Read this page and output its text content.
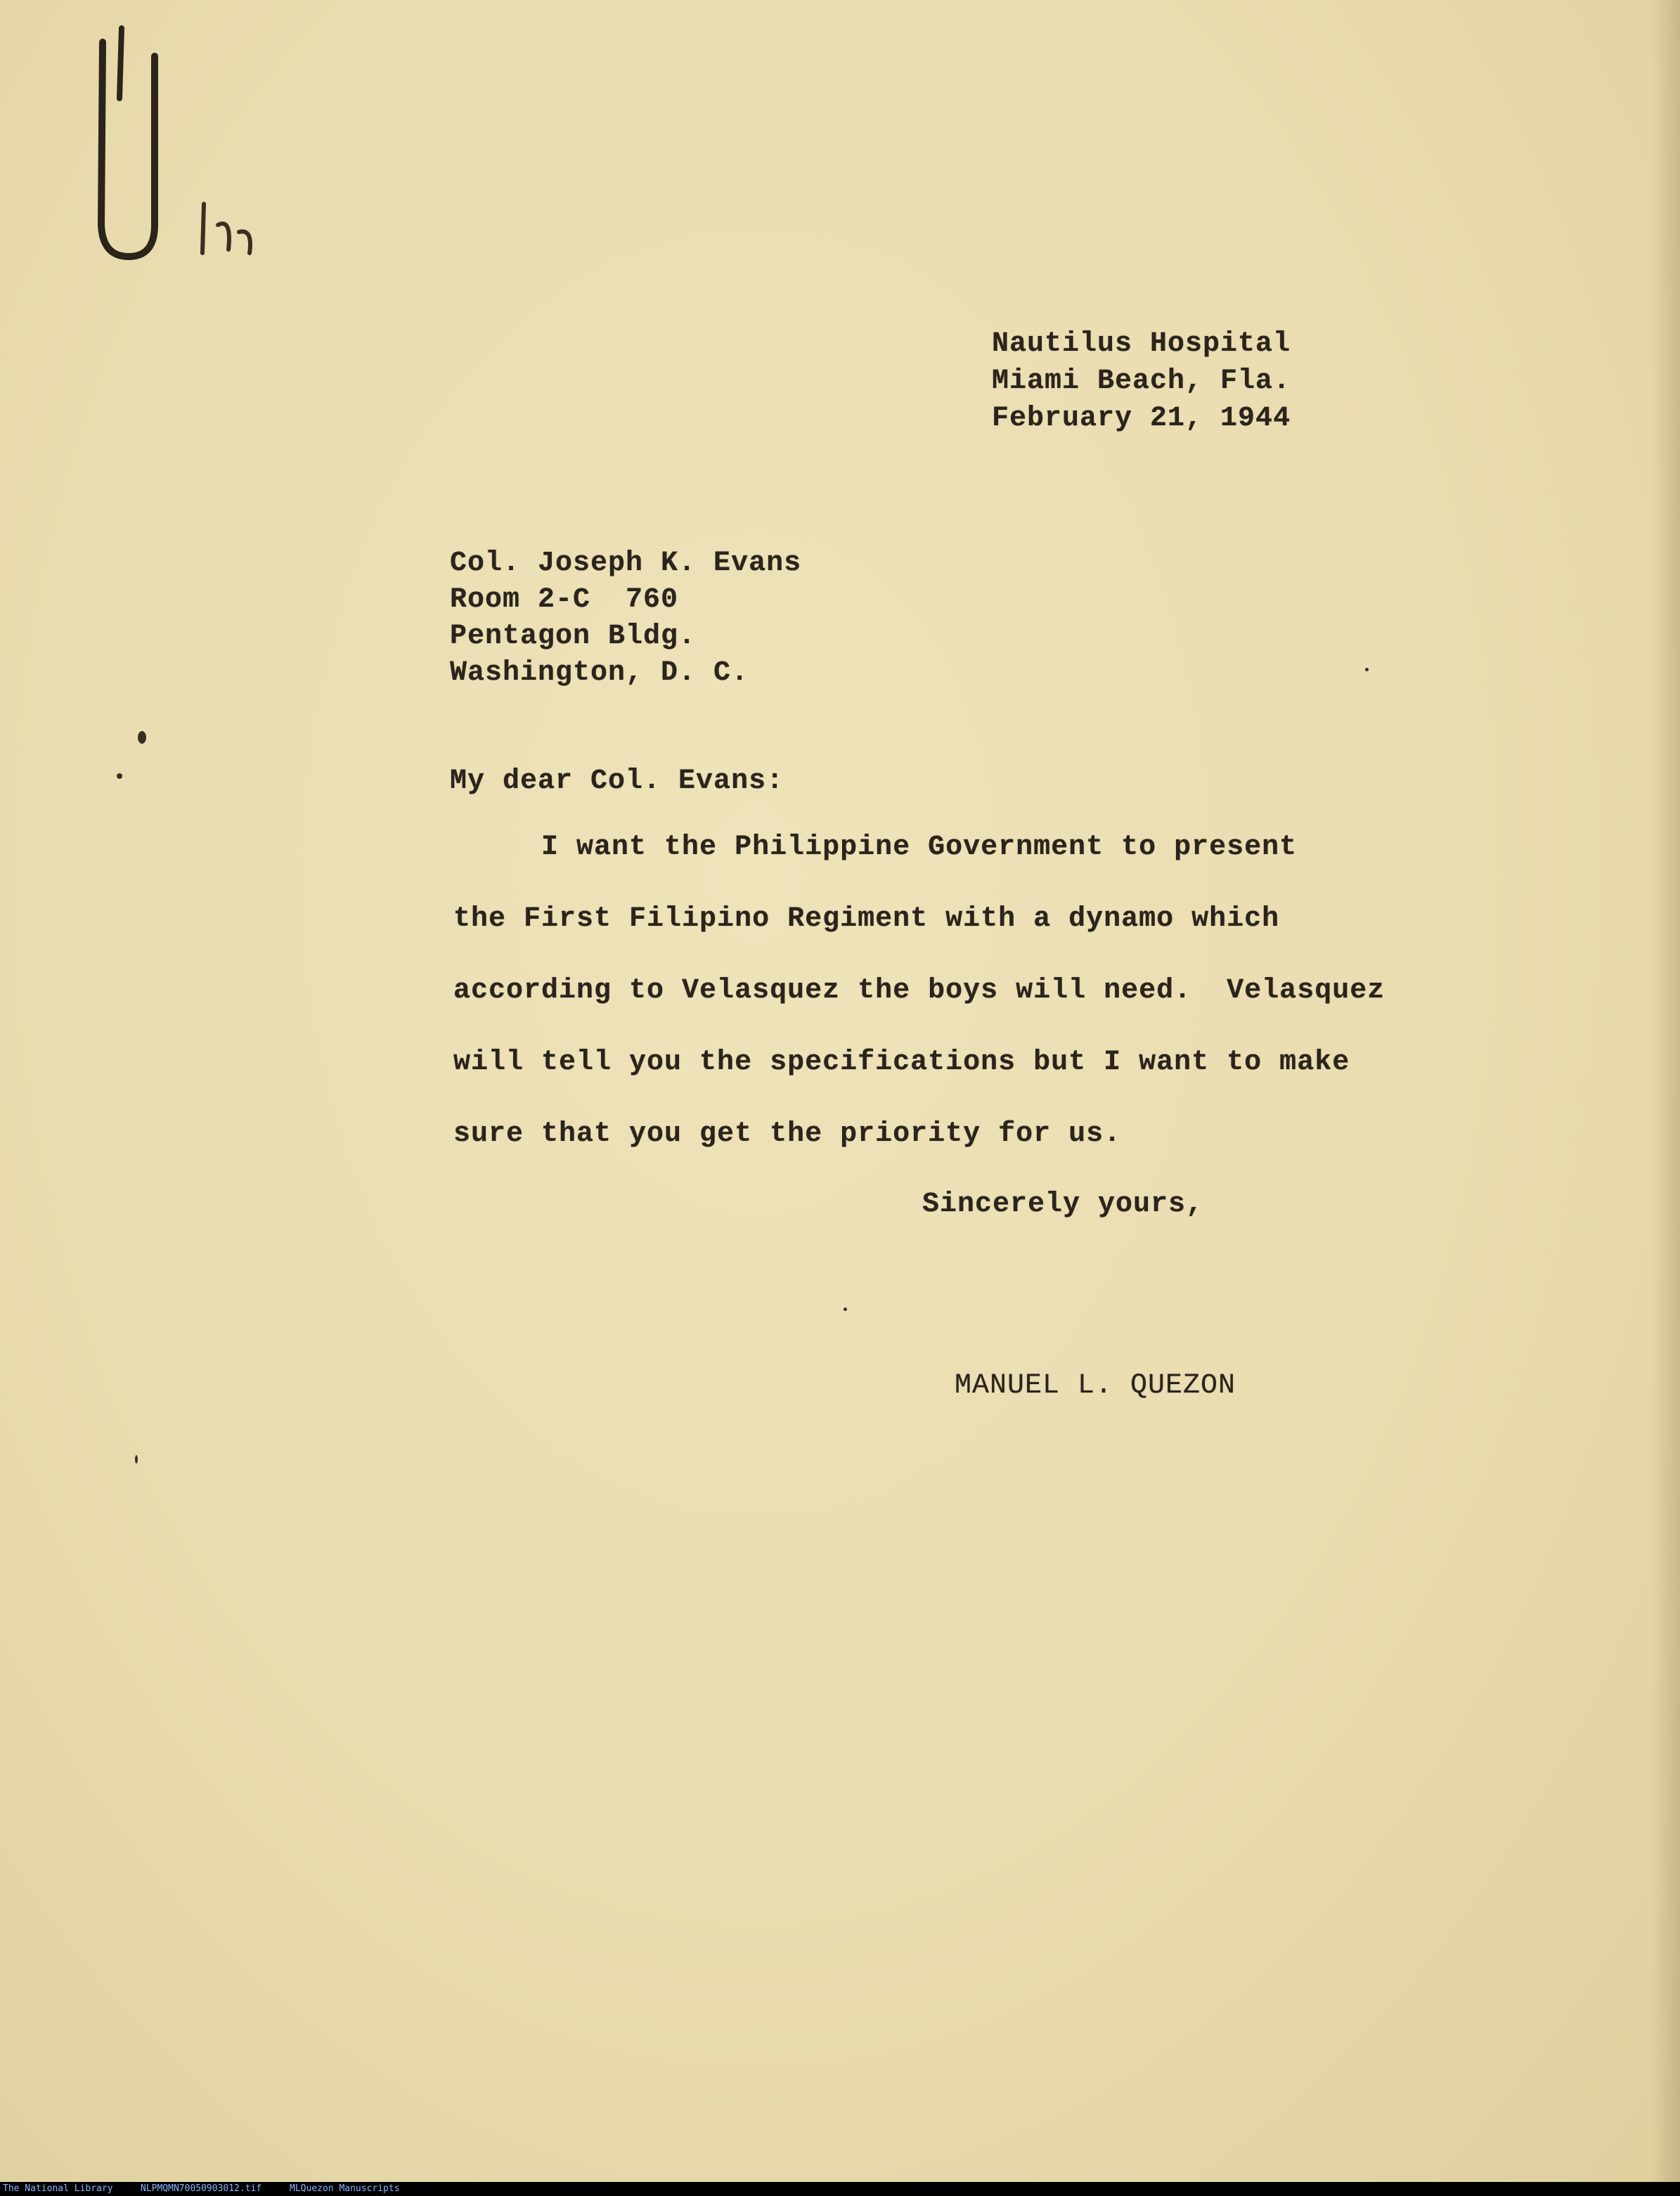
Nautilus Hospital
Miami Beach, Fla.
February 21, 1944
Col. Joseph K. Evans
Room 2-C  760
Pentagon Bldg.
Washington, D. C.
My dear Col. Evans:
I want the Philippine Government to present
the First Filipino Regiment with a dynamo which
according to Velasquez the boys will need.  Velasquez
will tell you the specifications but I want to make
sure that you get the priority for us.
Sincerely yours,
MANUEL L. QUEZON
The National Library	NLPMQMN70050903012.tif	MLQuezon Manuscripts
